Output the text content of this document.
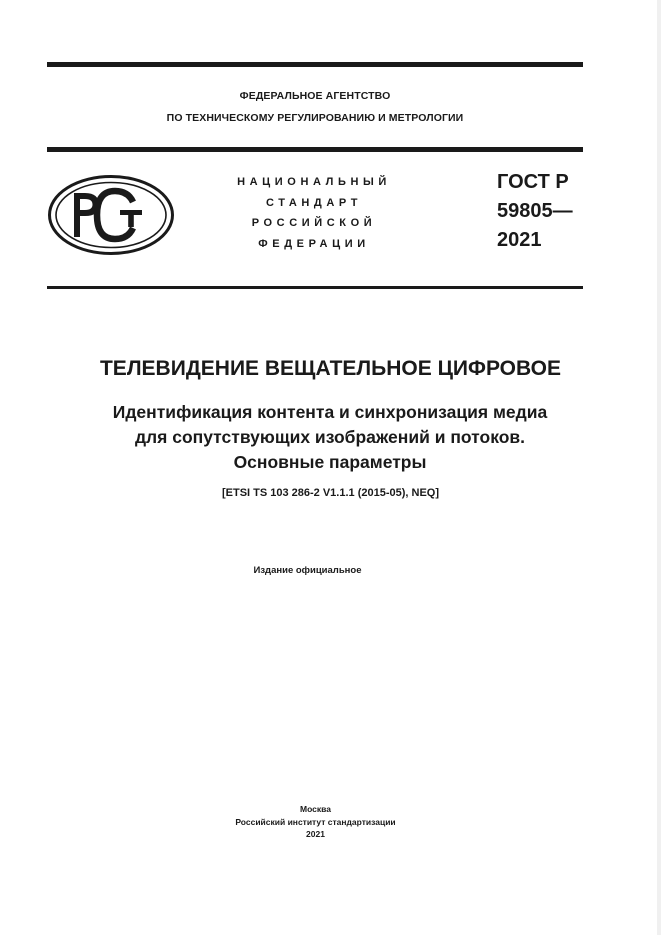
ФЕДЕРАЛЬНОЕ АГЕНТСТВО
ПО ТЕХНИЧЕСКОМУ РЕГУЛИРОВАНИЮ И МЕТРОЛОГИИ
НАЦИОНАЛЬНЫЙ
СТАНДАРТ
РОССИЙСКОЙ
ФЕДЕРАЦИИ
ГОСТ Р
59805—
2021
ТЕЛЕВИДЕНИЕ ВЕЩАТЕЛЬНОЕ ЦИФРОВОЕ
Идентификация контента и синхронизация медиа
для сопутствующих изображений и потоков.
Основные параметры
[ETSI TS 103 286-2 V1.1.1 (2015-05), NEQ]
Издание официальное
Москва
Российский институт стандартизации
2021
